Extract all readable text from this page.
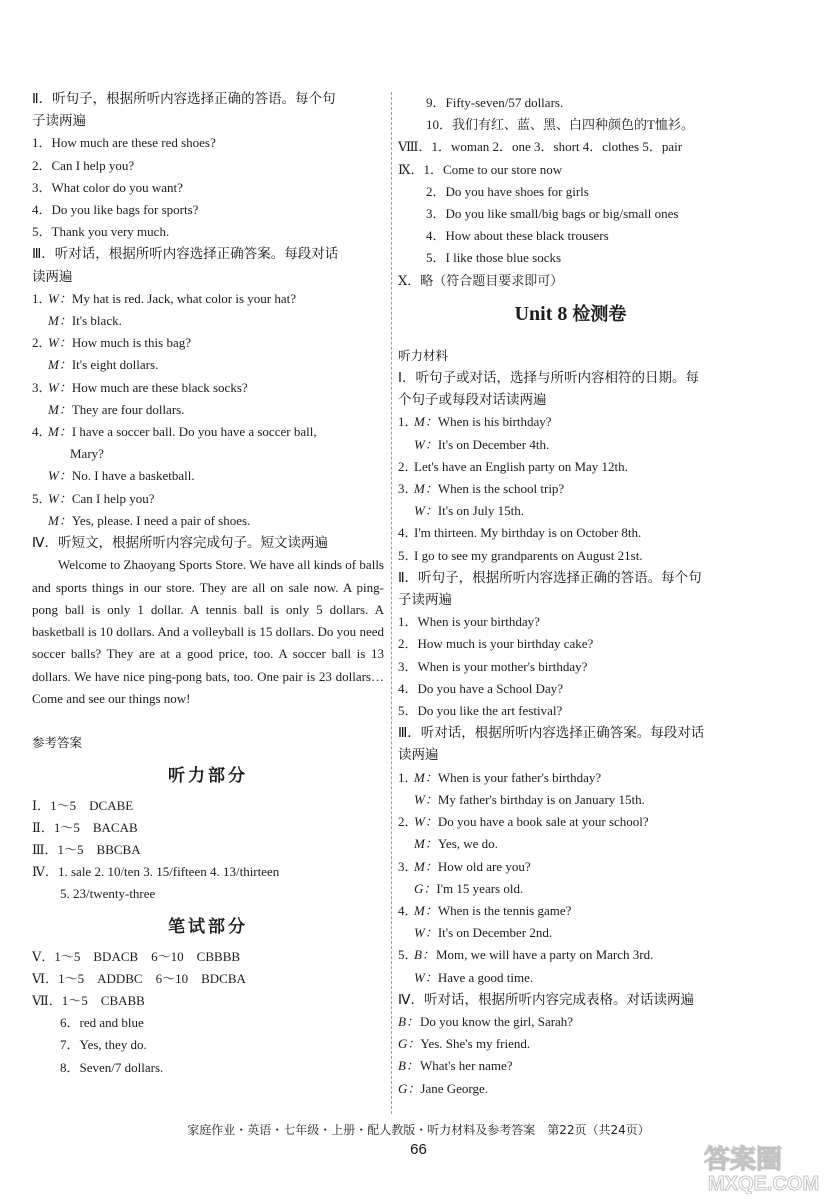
Ⅱ．听句子，根据所听内容选择正确的答语。每个句
子读两遍
1．How much are these red shoes?
2．Can I help you?
3．What color do you want?
4．Do you like bags for sports?
5．Thank you very much.
Ⅲ．听对话，根据所听内容选择正确答案。每段对话
读两遍
1．W：My hat is red. Jack, what color is your hat?
M：It's black.
2．W：How much is this bag?
M：It's eight dollars.
3．W：How much are these black socks?
M：They are four dollars.
4．M：I have a soccer ball. Do you have a soccer ball,
Mary?
W：No. I have a basketball.
5．W：Can I help you?
M：Yes, please. I need a pair of shoes.
Ⅳ．听短文，根据所听内容完成句子。短文读两遍

Welcome to Zhaoyang Sports Store. We have all kinds of balls and sports things in our store. They are all on sale now. A ping-pong ball is only 1 dollar. A tennis ball is only 5 dollars. A basketball is 10 dollars. And a volleyball is 15 dollars. Do you need soccer balls? They are at a good price, too. A soccer ball is 13 dollars. We have nice ping-pong bats, too. One pair is 23 dollars… Come and see our things now!

参考答案
听力部分
Ⅰ．1～5　DCABE
Ⅱ．1～5　BACAB
Ⅲ．1～5　BBCBA
Ⅳ．1. sale 2. 10/ten 3. 15/fifteen 4. 13/thirteen
5. 23/twenty-three
笔试部分
Ⅴ．1～5　BDACB　6～10　CBBBB
Ⅵ．1～5　ADDBC　6～10　BDCBA
Ⅶ．1～5　CBABB
6．red and blue
7．Yes, they do.
8．Seven/7 dollars.
9．Fifty-seven/57 dollars.
10．我们有红、蓝、黑、白四种颜色的T恤衫。
Ⅷ．1．woman 2．one 3．short 4．clothes 5．pair
Ⅸ．1．Come to our store now
2．Do you have shoes for girls
3．Do you like small/big bags or big/small ones
4．How about these black trousers
5．I like those blue socks
Ⅹ．略（符合题目要求即可）
Unit 8 检测卷
听力材料
Ⅰ．听句子或对话，选择与所听内容相符的日期。每
个句子或每段对话读两遍
1．M：When is his birthday?
W：It's on December 4th.
2．Let's have an English party on May 12th.
3．M：When is the school trip?
W：It's on July 15th.
4．I'm thirteen. My birthday is on October 8th.
5．I go to see my grandparents on August 21st.
Ⅱ．听句子，根据所听内容选择正确的答语。每个句
子读两遍
1．When is your birthday?
2．How much is your birthday cake?
3．When is your mother's birthday?
4．Do you have a School Day?
5．Do you like the art festival?
Ⅲ．听对话，根据所听内容选择正确答案。每段对话
读两遍
1．M：When is your father's birthday?
W：My father's birthday is on January 15th.
2．W：Do you have a book sale at your school?
M：Yes, we do.
3．M：How old are you?
G：I'm 15 years old.
4．M：When is the tennis game?
W：It's on December 2nd.
5．B：Mom, we will have a party on March 3rd.
W：Have a good time.
Ⅳ．听对话，根据所听内容完成表格。对话读两遍
B：Do you know the girl, Sarah?
G：Yes. She's my friend.
B：What's her name?
G：Jane George.
家庭作业・英语・七年级・上册・配人教版・听力材料及参考答案　第22页（共24页）
66	答案圈
MXQE.COM
